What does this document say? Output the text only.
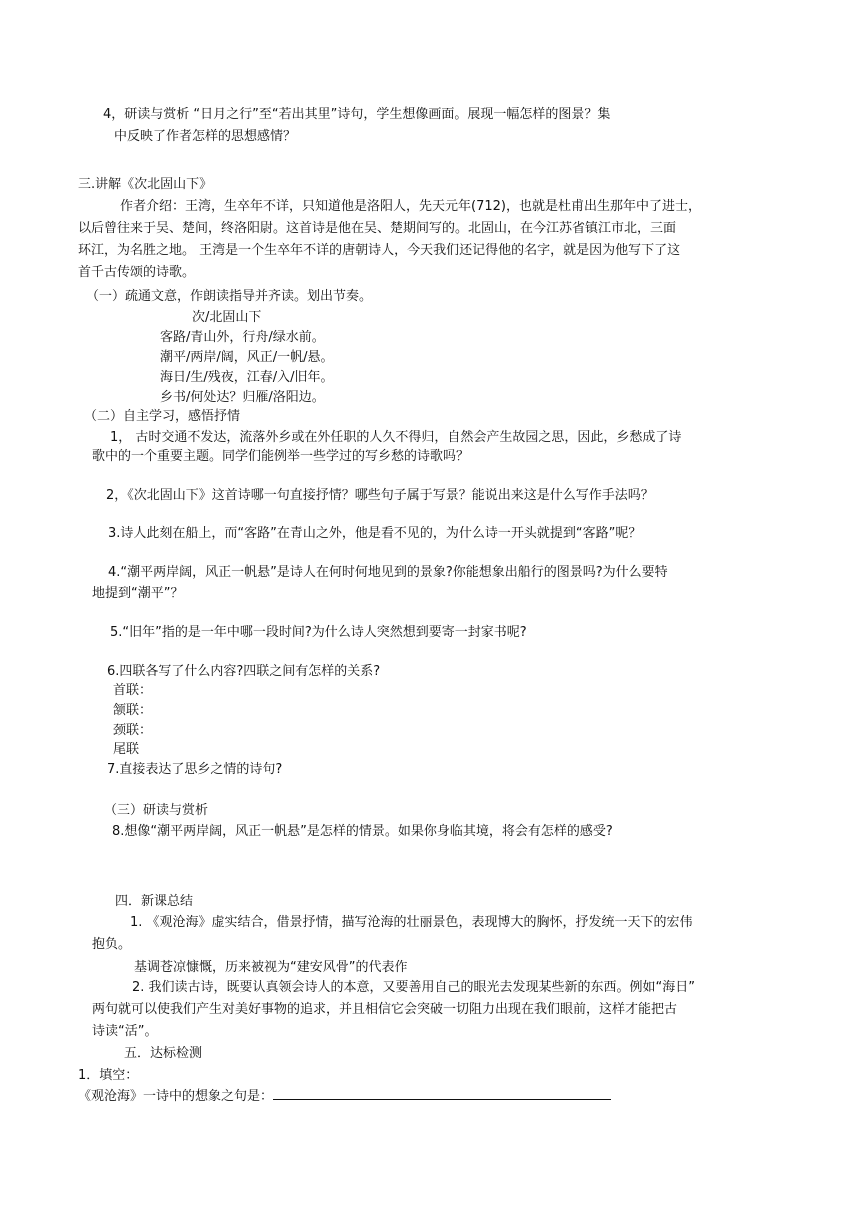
4，研读与赏析 “日月之行”至“若出其里”诗句，学生想像画面。展现一幅怎样的图景？集

中反映了作者怎样的思想感情？

三.讲解《次北固山下》

作者介绍：王湾，生卒年不详，只知道他是洛阳人，先天元年(712)，也就是杜甫出生那年中了进士，

以后曾往来于吴、楚间，终洛阳尉。这首诗是他在吴、楚期间写的。北固山，在今江苏省镇江市北，三面

环江，为名胜之地。 王湾是一个生卒年不详的唐朝诗人，今天我们还记得他的名字，就是因为他写下了这

首千古传颂的诗歌。

（一）疏通文意，作朗读指导并齐读。划出节奏。

次/北固山下

客路/青山外，行舟/绿水前。

潮平/两岸/阔，风正/一帆/悬。

海日/生/残夜，江春/入/旧年。

乡书/何处达？归雁/洛阳边。

（二）自主学习，感悟抒情

1， 古时交通不发达，流落外乡或在外任职的人久不得归，自然会产生故园之思，因此，乡愁成了诗

歌中的一个重要主题。同学们能例举一些学过的写乡愁的诗歌吗？

2，《次北固山下》这首诗哪一句直接抒情？哪些句子属于写景？能说出来这是什么写作手法吗？

3.诗人此刻在船上，而“客路”在青山之外，他是看不见的，为什么诗一开头就提到“客路”呢？

4.“潮平两岸阔，风正一帆悬”是诗人在何时何地见到的景象?你能想象出船行的图景吗?为什么要特

地提到“潮平”？

5.“旧年”指的是一年中哪一段时间?为什么诗人突然想到要寄一封家书呢?

6.四联各写了什么内容?四联之间有怎样的关系?

首联：

颔联：

颈联：

尾联

7.直接表达了思乡之情的诗句?

（三）研读与赏析

8.想像“潮平两岸阔，风正一帆悬”是怎样的情景。如果你身临其境，将会有怎样的感受?

四．新课总结

1. 《观沧海》虚实结合，借景抒情，描写沧海的壮丽景色，表现博大的胸怀，抒发统一天下的宏伟

抱负。

基调苍凉慷慨，历来被视为“建安风骨”的代表作

2. 我们读古诗，既要认真领会诗人的本意，又要善用自己的眼光去发现某些新的东西。例如“海日”

两句就可以使我们产生对美好事物的追求，并且相信它会突破一切阻力出现在我们眼前，这样才能把古

诗读“活”。

五．达标检测

1．填空：

《观沧海》一诗中的想象之句是：
